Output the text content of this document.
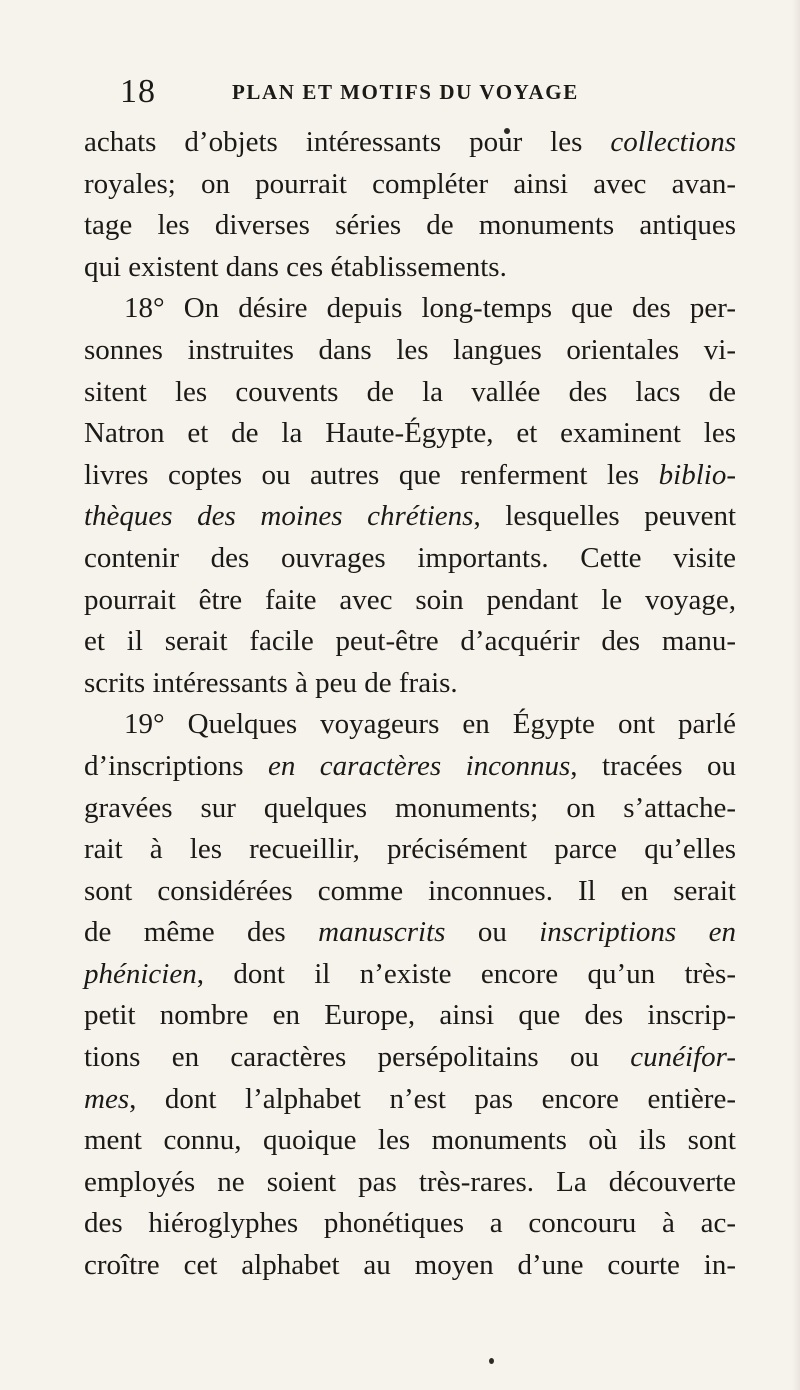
18	PLAN ET MOTIFS DU VOYAGE
achats d’objets intéressants pour les collections
royales; on pourrait compléter ainsi avec avan-
tage les diverses séries de monuments antiques
qui existent dans ces établissements.
18° On désire depuis long-temps que des per-
sonnes instruites dans les langues orientales vi-
sitent les couvents de la vallée des lacs de
Natron et de la Haute-Égypte, et examinent les
livres coptes ou autres que renferment les biblio-
thèques des moines chrétiens, lesquelles peuvent
contenir des ouvrages importants. Cette visite
pourrait être faite avec soin pendant le voyage,
et il serait facile peut-être d’acquérir des manu-
scrits intéressants à peu de frais.
19° Quelques voyageurs en Égypte ont parlé
d’inscriptions en caractères inconnus, tracées ou
gravées sur quelques monuments; on s’attache-
rait à les recueillir, précisément parce qu’elles
sont considérées comme inconnues. Il en serait
de même des manuscrits ou inscriptions en
phénicien, dont il n’existe encore qu’un très-
petit nombre en Europe, ainsi que des inscrip-
tions en caractères persépolitains ou cunéifor-
mes, dont l’alphabet n’est pas encore entière-
ment connu, quoique les monuments où ils sont
employés ne soient pas très-rares. La découverte
des hiéroglyphes phonétiques a concouru à ac-
croître cet alphabet au moyen d’une courte in-
